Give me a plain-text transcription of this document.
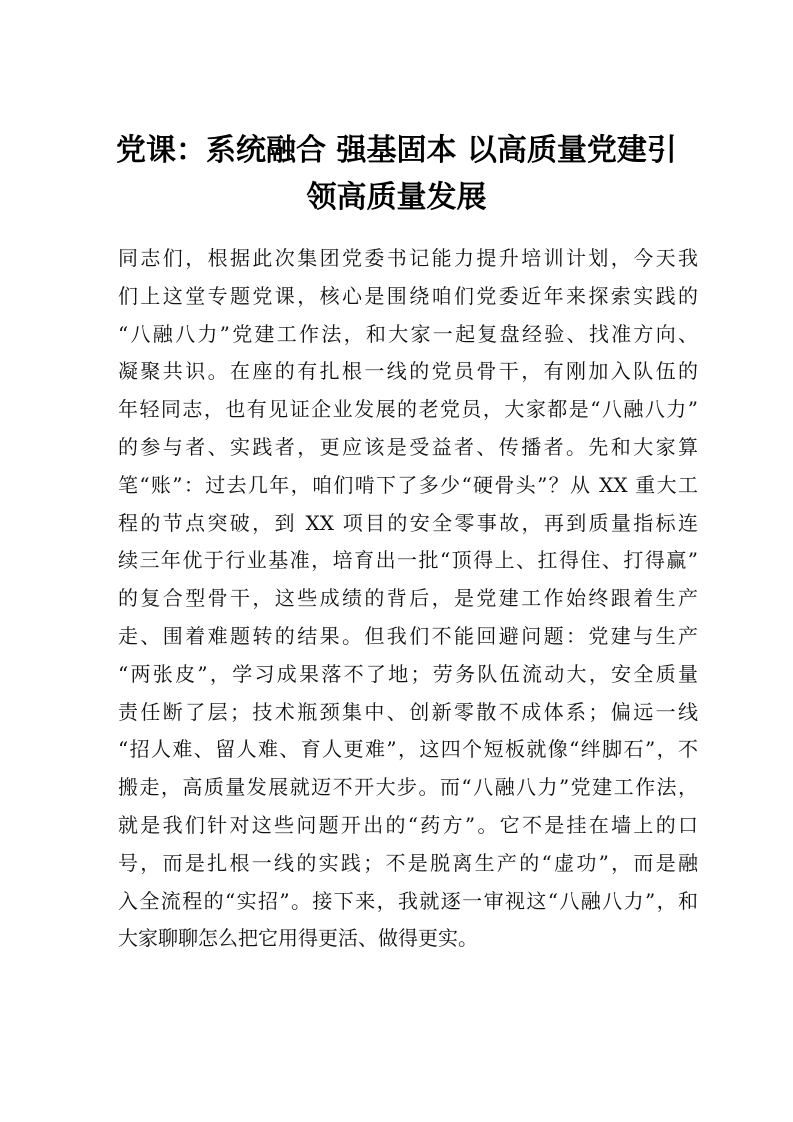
党课：系统融合 强基固本 以高质量党建引
领高质量发展
同志们，根据此次集团党委书记能力提升培训计划，今天我
们上这堂专题党课，核心是围绕咱们党委近年来探索实践的
“八融八力”党建工作法，和大家一起复盘经验、找准方向、
凝聚共识。在座的有扎根一线的党员骨干，有刚加入队伍的
年轻同志，也有见证企业发展的老党员，大家都是“八融八力”
的参与者、实践者，更应该是受益者、传播者。先和大家算
笔“账”：过去几年，咱们啃下了多少“硬骨头”？从 XX 重大工
程的节点突破，到 XX 项目的安全零事故，再到质量指标连
续三年优于行业基准，培育出一批“顶得上、扛得住、打得赢”
的复合型骨干，这些成绩的背后，是党建工作始终跟着生产
走、围着难题转的结果。但我们不能回避问题：党建与生产
“两张皮”，学习成果落不了地；劳务队伍流动大，安全质量
责任断了层；技术瓶颈集中、创新零散不成体系；偏远一线
“招人难、留人难、育人更难”，这四个短板就像“绊脚石”，不
搬走，高质量发展就迈不开大步。而“八融八力”党建工作法，
就是我们针对这些问题开出的“药方”。它不是挂在墙上的口
号，而是扎根一线的实践；不是脱离生产的“虚功”，而是融
入全流程的“实招”。接下来，我就逐一审视这“八融八力”，和
大家聊聊怎么把它用得更活、做得更实。
